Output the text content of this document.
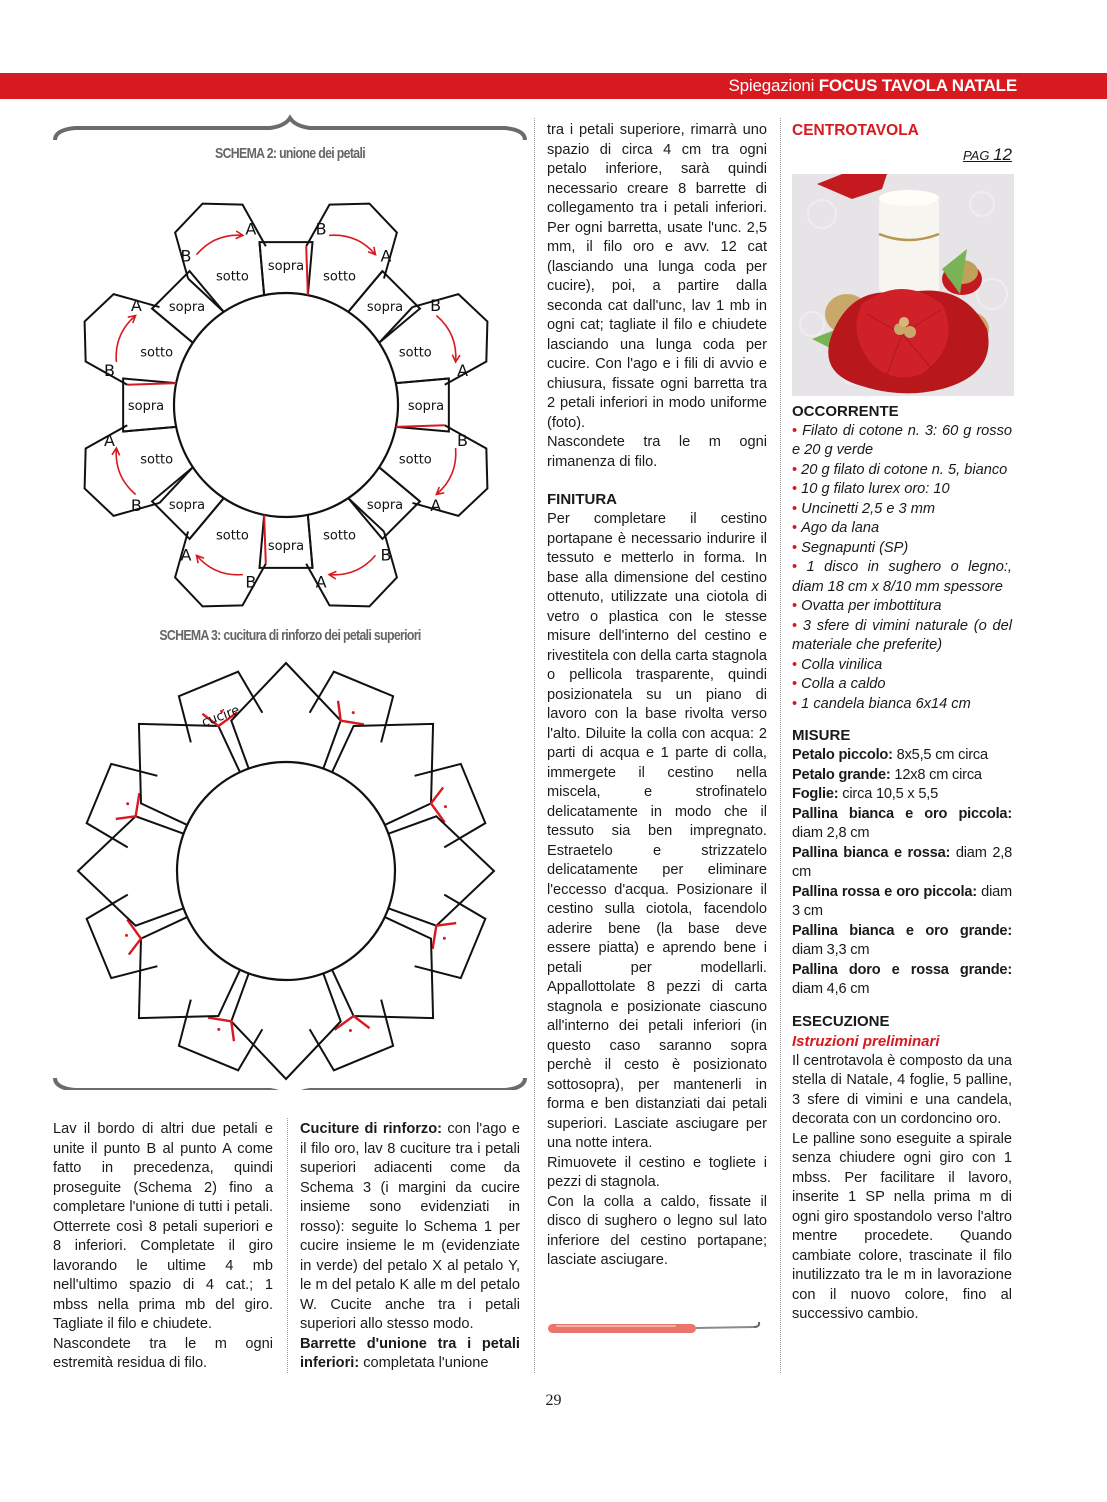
Spiegazioni FOCUS TAVOLA NATALE
sopra
A
sotto
B
sopra
A
sotto
B
sopra
A
sotto
B
sopra A
sotto
B
sopra
A
sotto
B
sopra
A
sotto
B
sopra
A
sotto
B
sopra
A
sotto
B
cucire
SCHEMA 2: unione dei petali
SCHEMA 3: cucitura di rinforzo dei petali superiori

Lav il bordo di altri due petali e unite il punto B al punto A come fatto in precedenza, quindi proseguite (Schema 2) fino a completare l'unione di tutti i petali. Otterrete così 8 petali superiori e 8 inferiori. Completate il giro lavorando le ultime 4 mb nell'ultimo spazio di 4 cat.; 1 mbss nella prima mb del giro. Tagliate il filo e chiudete.

Nascondete tra le m ogni estremità residua di filo.

Cuciture di rinforzo: con l'ago e il filo oro, lav 8 cuciture tra i petali superiori adiacenti come da Schema 3 (i margini da cucire insieme sono evidenziati in rosso): seguite lo Schema 1 per cucire insieme le m (evidenziate in verde) del petalo X al petalo Y, le m del petalo K alle m del petalo W. Cucite anche tra i petali superiori allo stesso modo.

Barrette d'unione tra i petali inferiori: completata l'unione

tra i petali superiore, rimarrà uno spazio di circa 4 cm tra ogni petalo inferiore, sarà quindi necessario creare 8 barrette di collegamento tra i petali inferiori. Per ogni barretta, usate l'unc. 2,5 mm, il filo oro e avv. 12 cat (lasciando una lunga coda per cucire), poi, a partire dalla seconda cat dall'unc, lav 1 mb in ogni cat; tagliate il filo e chiudete lasciando una lunga coda per cucire. Con l'ago e i fili di avvio e chiusura, fissate ogni barretta tra 2 petali inferiori in modo uniforme (foto).

Nascondete tra le m ogni rimanenza di filo.

FINITURA

Per completare il cestino portapane è necessario indurire il tessuto e metterlo in forma. In base alla dimensione del cestino ottenuto, utilizzate una ciotola di vetro o plastica con le stesse misure dell'interno del cestino e rivestitela con della carta stagnola o pellicola trasparente, quindi posizionatela su un piano di lavoro con la base rivolta verso l'alto. Diluite la colla con acqua: 2 parti di acqua e 1 parte di colla, immergete il cestino nella miscela, e strofinatelo delicatamente in modo che il tessuto sia ben impregnato. Estraetelo e strizzatelo delicatamente per eliminare l'eccesso d'acqua. Posizionare il cestino sulla ciotola, facendolo aderire bene (la base deve essere piatta) e aprendo bene i petali per modellarli. Appallottolate 8 pezzi di carta stagnola e posizionate ciascuno all'interno dei petali inferiori (in questo caso saranno sopra perchè il cesto è posizionato sottosopra), per mantenerli in forma e ben distanziati dai petali superiori. Lasciate asciugare per una notte intera.

Rimuovete il cestino e togliete i pezzi di stagnola.

Con la colla a caldo, fissate il disco di sughero o legno sul lato inferiore del cestino portapane; lasciate asciugare.

CENTROTAVOLA

PAG 12

OCCORRENTE

• Filato di cotone n. 3: 60 g rosso e 20 g verde

• 20 g filato di cotone n. 5, bianco

• 10 g filato lurex oro: 10

• Uncinetti 2,5 e 3 mm

• Ago da lana

• Segnapunti (SP)

• 1 disco in sughero o legno:, diam 18 cm x 8/10 mm spessore

• Ovatta per imbottitura

• 3 sfere di vimini naturale (o del materiale che preferite)

• Colla vinilica

• Colla a caldo

• 1 candela bianca 6x14 cm

MISURE

Petalo piccolo: 8x5,5 cm circa

Petalo grande: 12x8 cm circa

Foglie: circa 10,5 x 5,5

Pallina bianca e oro piccola: diam 2,8 cm

Pallina bianca e rossa: diam 2,8 cm

Pallina rossa e oro piccola: diam 3 cm

Pallina bianca e oro grande: diam 3,3 cm

Pallina doro e rossa grande: diam 4,6 cm

ESECUZIONE

Istruzioni preliminari

Il centrotavola è composto da una stella di Natale, 4 foglie, 5 palline, 3 sfere di vimini e una candela, decorata con un cordoncino oro.

Le palline sono eseguite a spirale senza chiudere ogni giro con 1 mbss. Per facilitare il lavoro, inserite 1 SP nella prima m di ogni giro spostandolo verso l'altro mentre procedete. Quando cambiate colore, trascinate il filo inutilizzato tra le m in lavorazione con il nuovo colore, fino al successivo cambio.

29
